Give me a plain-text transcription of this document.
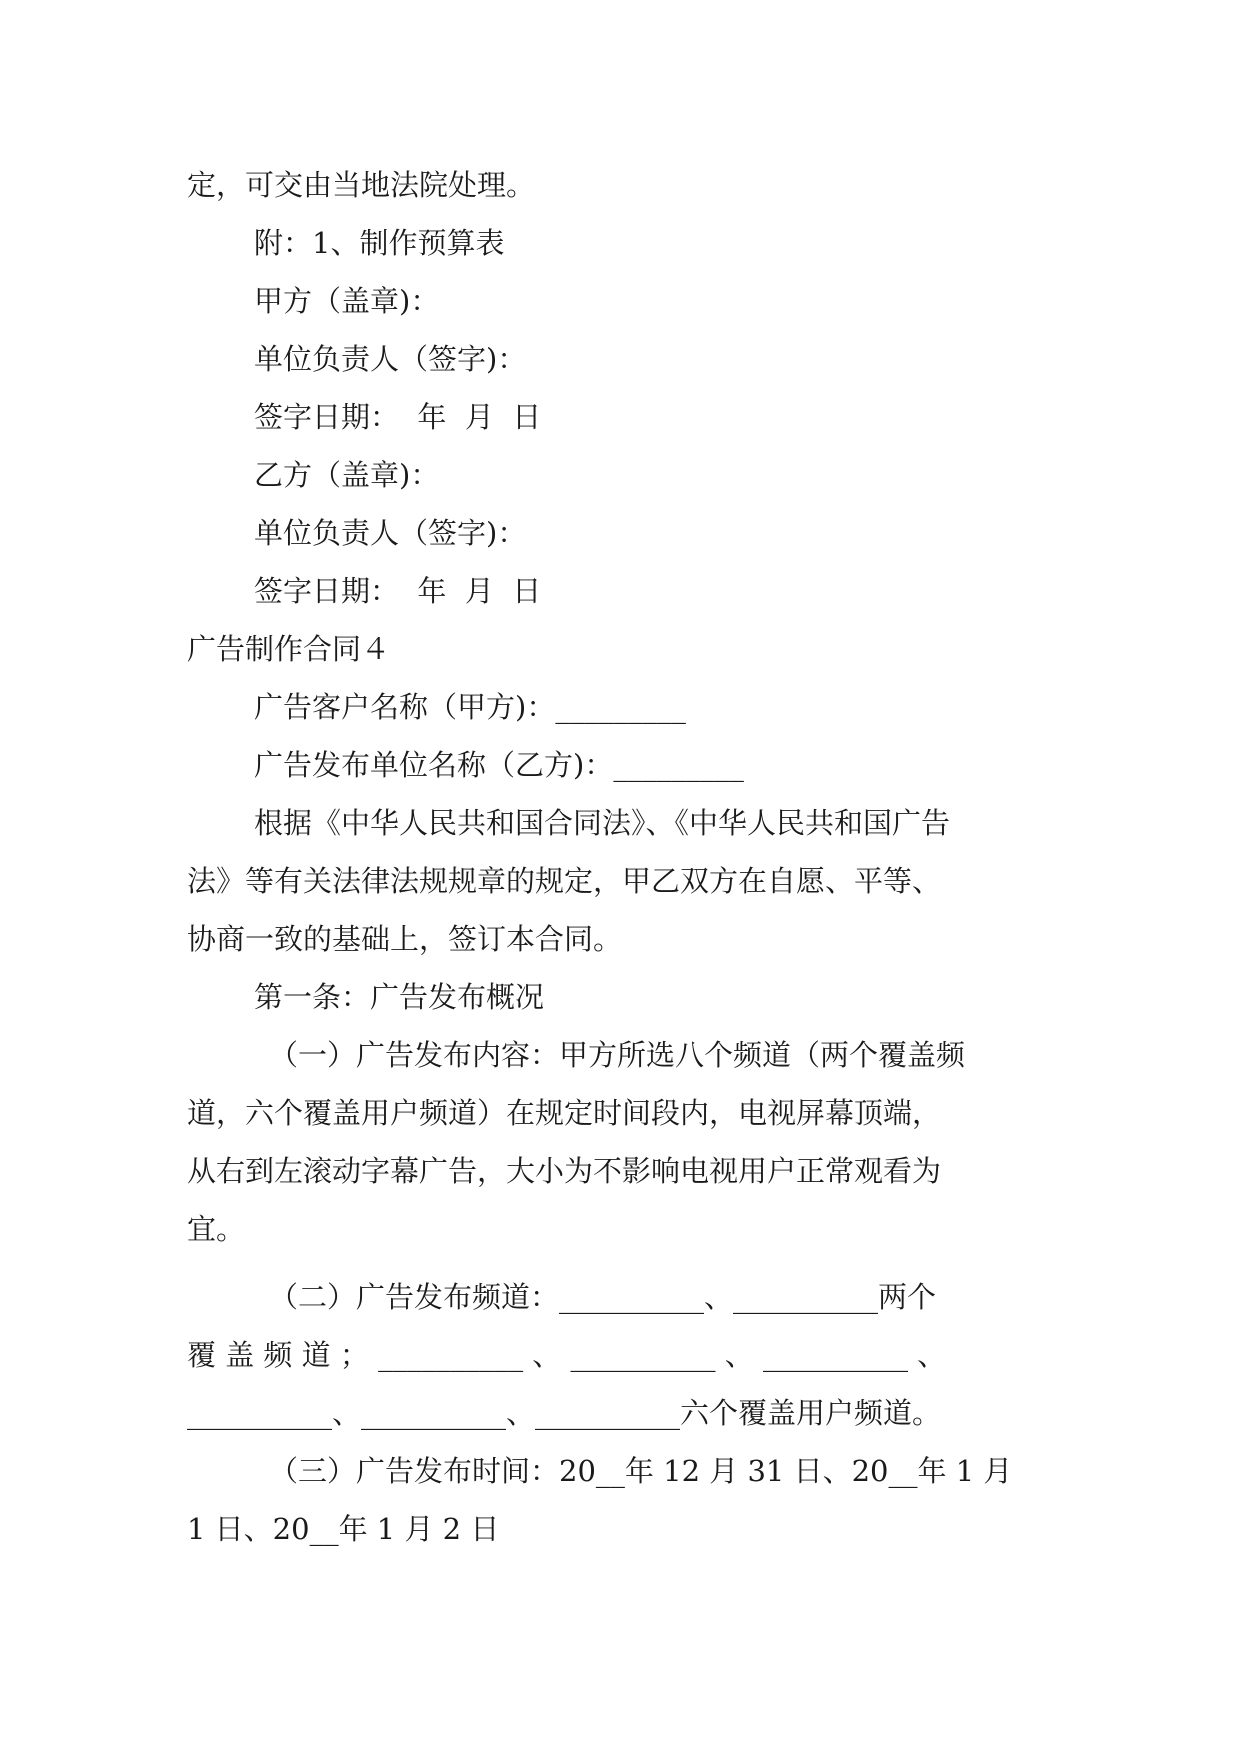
定，可交由当地法院处理。

附：1、制作预算表

甲方（盖章)：

单位负责人（签字)：

签字日期：  年  月  日

乙方（盖章)：

单位负责人（签字)：

签字日期：  年  月  日

广告制作合同４

广告客户名称（甲方)：_________

广告发布单位名称（乙方)：_________

根据《中华人民共和国合同法》、《中华人民共和国广告

法》等有关法律法规规章的规定，甲乙双方在自愿、平等、

协商一致的基础上，签订本合同。

第一条：广告发布概况

（一）广告发布内容：甲方所选八个频道（两个覆盖频

道，六个覆盖用户频道）在规定时间段内，电视屏幕顶端，

从右到左滚动字幕广告，大小为不影响电视用户正常观看为

宜。

（二）广告发布频道：__________、__________两个

覆 盖 频 道 ； __________ 、 __________ 、 __________ 、

__________、__________、__________六个覆盖用户频道。

（三）广告发布时间：20__年 12 月 31 日、20__年 1 月

1 日、20__年 1 月 2 日
